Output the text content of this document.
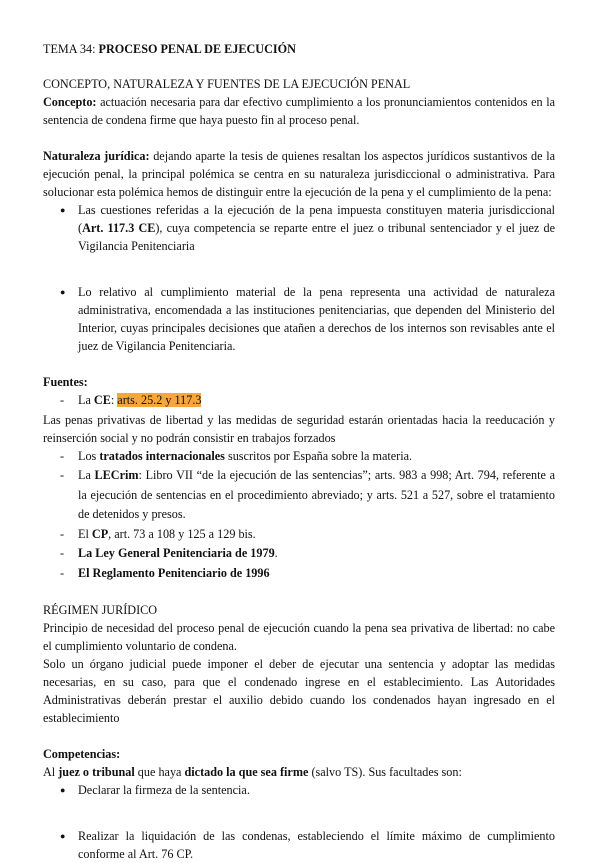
TEMA 34: PROCESO PENAL DE EJECUCIÓN

CONCEPTO, NATURALEZA Y FUENTES DE LA EJECUCIÓN PENAL

Concepto: actuación necesaria para dar efectivo cumplimiento a los pronunciamientos contenidos en la sentencia de condena firme que haya puesto fin al proceso penal.

Naturaleza jurídica: dejando aparte la tesis de quienes resaltan los aspectos jurídicos sustantivos de la ejecución penal, la principal polémica se centra en su naturaleza jurisdiccional o administrativa. Para solucionar esta polémica hemos de distinguir entre la ejecución de la pena y el cumplimiento de la pena:

● Las cuestiones referidas a la ejecución de la pena impuesta constituyen materia jurisdiccional (Art. 117.3 CE), cuya competencia se reparte entre el juez o tribunal sentenciador y el juez de Vigilancia Penitenciaria
● Lo relativo al cumplimiento material de la pena representa una actividad de naturaleza administrativa, encomendada a las instituciones penitenciarias, que dependen del Ministerio del Interior, cuyas principales decisiones que atañen a derechos de los internos son revisables ante el juez de Vigilancia Penitenciaria.

Fuentes:

- La CE: arts. 25.2 y 117.3

Las penas privativas de libertad y las medidas de seguridad estarán orientadas hacia la reeducación y reinserción social y no podrán consistir en trabajos forzados

- Los tratados internacionales suscritos por España sobre la materia.
- La LECrim: Libro VII “de la ejecución de las sentencias”; arts. 983 a 998; Art. 794, referente a la ejecución de sentencias en el procedimiento abreviado; y arts. 521 a 527, sobre el tratamiento de detenidos y presos.
- El CP, art. 73 a 108 y 125 a 129 bis.
- La Ley General Penitenciaria de 1979.
- El Reglamento Penitenciario de 1996

RÉGIMEN JURÍDICO

Principio de necesidad del proceso penal de ejecución cuando la pena sea privativa de libertad: no cabe el cumplimiento voluntario de condena.

Solo un órgano judicial puede imponer el deber de ejecutar una sentencia y adoptar las medidas necesarias, en su caso, para que el condenado ingrese en el establecimiento. Las Autoridades Administrativas deberán prestar el auxilio debido cuando los condenados hayan ingresado en el establecimiento

Competencias:

Al juez o tribunal que haya dictado la que sea firme (salvo TS). Sus facultades son:

● Declarar la firmeza de la sentencia.
● Realizar la liquidación de las condenas, estableciendo el límite máximo de cumplimiento conforme al Art. 76 CP.
